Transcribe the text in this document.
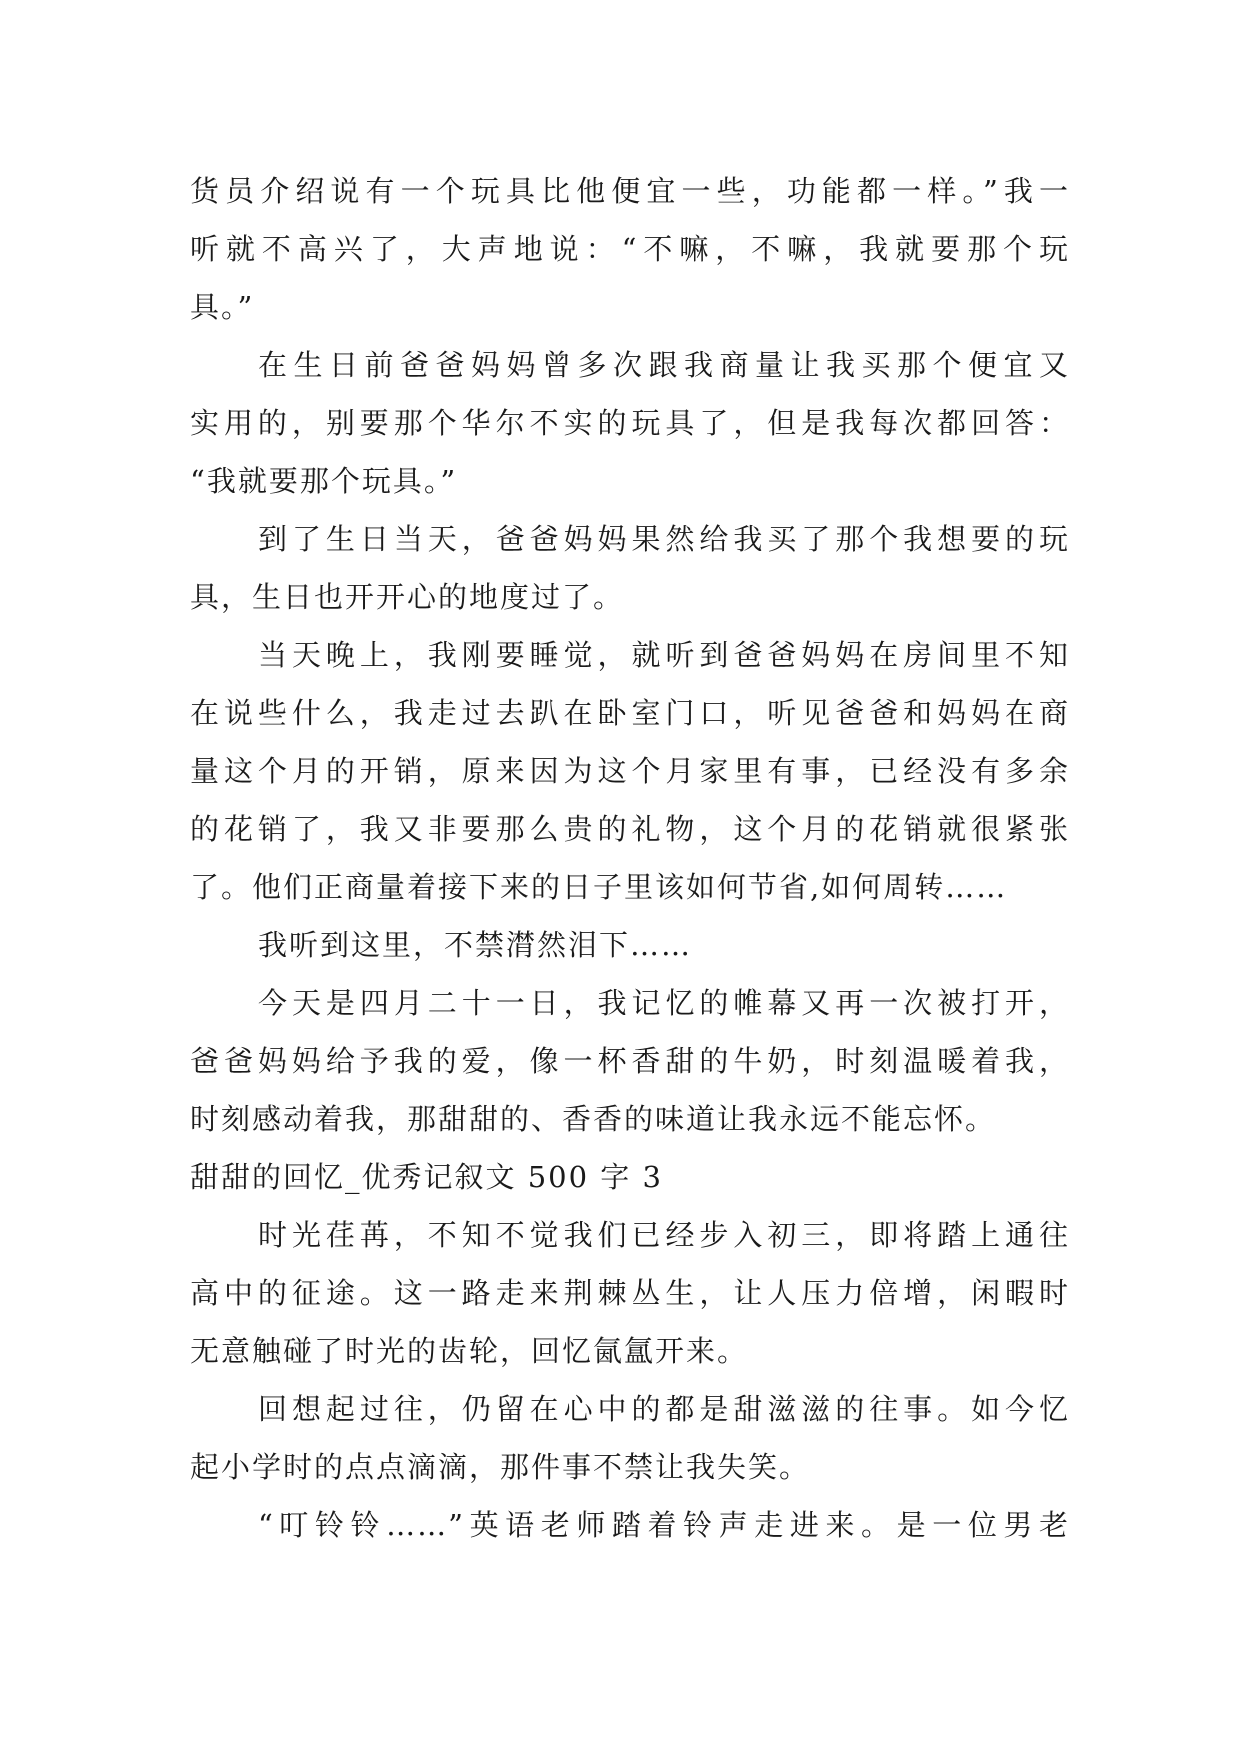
货员介绍说有一个玩具比他便宜一些，功能都一样。”我一
听就不高兴了，大声地说：“不嘛，不嘛，我就要那个玩
具。”
在生日前爸爸妈妈曾多次跟我商量让我买那个便宜又
实用的，别要那个华尔不实的玩具了，但是我每次都回答：
“我就要那个玩具。”
到了生日当天，爸爸妈妈果然给我买了那个我想要的玩
具，生日也开开心的地度过了。
当天晚上，我刚要睡觉，就听到爸爸妈妈在房间里不知
在说些什么，我走过去趴在卧室门口，听见爸爸和妈妈在商
量这个月的开销，原来因为这个月家里有事，已经没有多余
的花销了，我又非要那么贵的礼物，这个月的花销就很紧张
了。他们正商量着接下来的日子里该如何节省,如何周转……
我听到这里，不禁潸然泪下……
今天是四月二十一日，我记忆的帷幕又再一次被打开，
爸爸妈妈给予我的爱，像一杯香甜的牛奶，时刻温暖着我，
时刻感动着我，那甜甜的、香香的味道让我永远不能忘怀。
甜甜的回忆_优秀记叙文 500 字 3
时光荏苒，不知不觉我们已经步入初三，即将踏上通往
高中的征途。这一路走来荆棘丛生，让人压力倍增，闲暇时
无意触碰了时光的齿轮，回忆氤氲开来。
回想起过往，仍留在心中的都是甜滋滋的往事。如今忆
起小学时的点点滴滴，那件事不禁让我失笑。
“叮铃铃……”英语老师踏着铃声走进来。是一位男老
